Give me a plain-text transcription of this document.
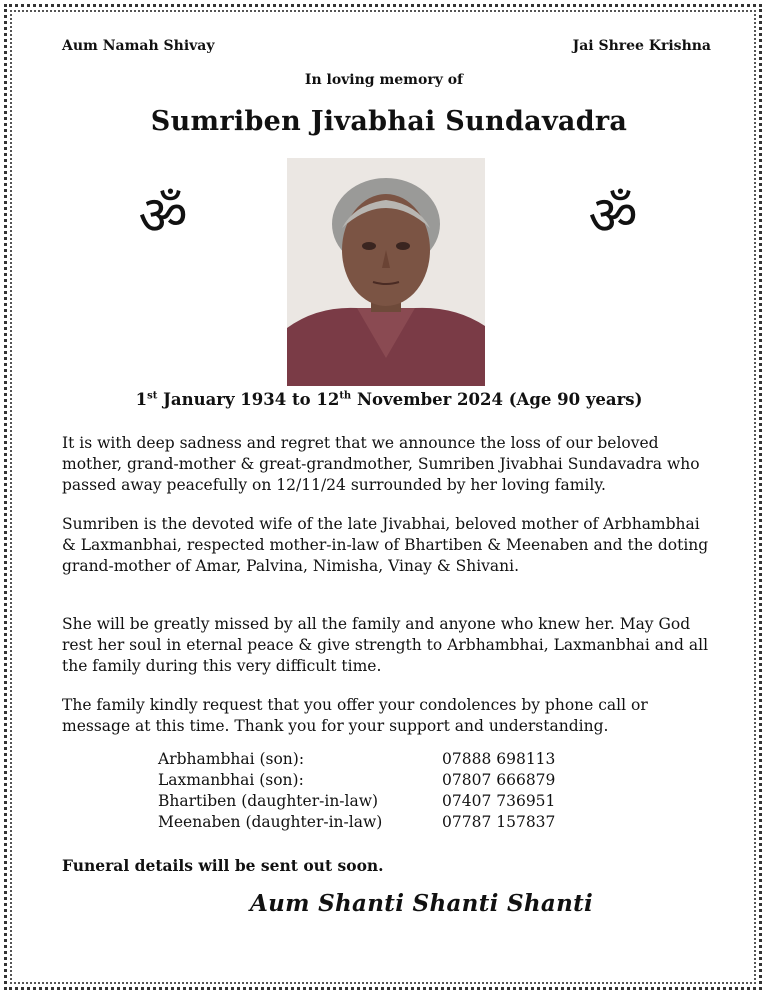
Aum Namah Shivay	Jai Shree Krishna
In loving memory of
Sumriben Jivabhai Sundavadra
ॐ	ॐ
1st January 1934 to 12th November 2024 (Age 90 years)

It is with deep sadness and regret that we announce the loss of our beloved mother, grand-mother & great-grandmother, Sumriben Jivabhai Sundavadra who passed away peacefully on 12/11/24 surrounded by her loving family.

Sumriben is the devoted wife of the late Jivabhai, beloved mother of Arbhambhai & Laxmanbhai, respected mother-in-law of Bhartiben & Meenaben and the doting grand-mother of Amar, Palvina, Nimisha, Vinay & Shivani.

She will be greatly missed by all the family and anyone who knew her. May God rest her soul in eternal peace & give strength to Arbhambhai, Laxmanbhai and all the family during this very difficult time.

The family kindly request that you offer your condolences by phone call or message at this time. Thank you for your support and understanding.

Arbhambhai (son):	07888 698113
Laxmanbhai (son):	07807 666879
Bhartiben (daughter-in-law)	07407 736951
Meenaben (daughter-in-law)	07787 157837
Funeral details will be sent out soon.
Aum Shanti Shanti Shanti
